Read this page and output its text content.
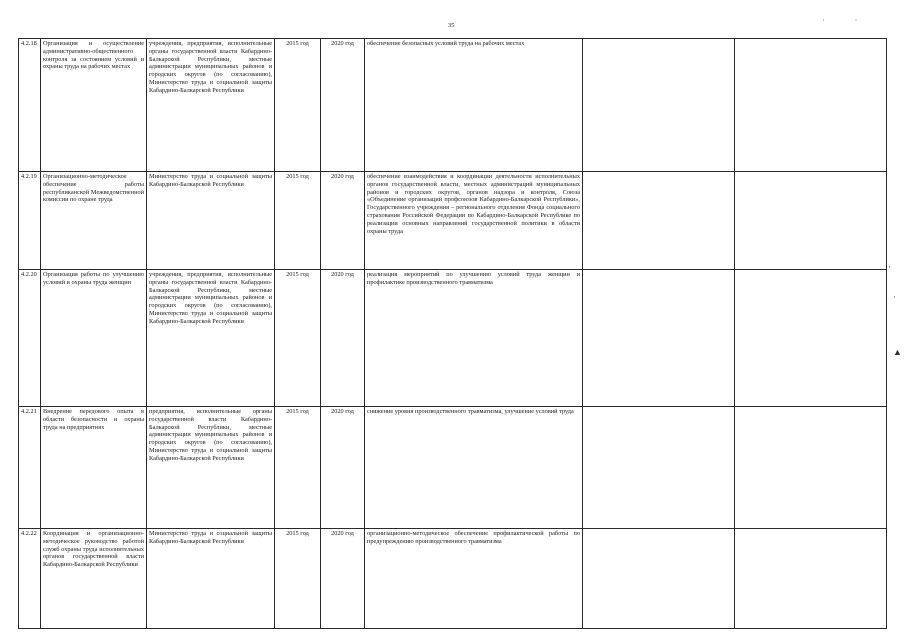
35
· ·
·
·
▲
4.2.18	Организация и осуществление административно-общественного контроля за состоянием условий и охраны труда на рабочих местах	учреждения, предприятия, исполнительные органы государственной власти Кабардино-Балкарской Республики, местные администрации муниципальных районов и городских округов (по согласованию), Министерство труда и социальной защиты Кабардино-Балкарской Республики	2015 год	2020 год	обеспечение безопасных условий труда на рабочих местах		
4.2.19	Организационно-методическое обеспечение работы республиканской Межведомственной комиссии по охране труда	Министерство труда и социальной защиты Кабардино-Балкарской Республики	2015 год	2020 год	обеспечение взаимодействия и координации деятельности исполнительных органов государственной власти, местных администраций муниципальных районов и городских округов, органов надзора и контроля, Союза «Объединение организаций профсоюзов Кабардино-Балкарской Республики», Государственного учреждения – регионального отделения Фонда социального страхования Российской Федерации по Кабардино-Балкарской Республике по реализации основных направлений государственной политики в области охраны труда		
4.2.20	Организация работы по улучшению условий и охраны труда женщин	учреждения, предприятия, исполнительные органы государственной власти Кабардино-Балкарской Республики, местные администрации муниципальных районов и городских округов (по согласованию), Министерство труда и социальной защиты Кабардино-Балкарской Республики	2015 год	2020 год	реализация мероприятий по улучшению условий труда женщин и профилактике производственного травматизма		
4.2.21	Внедрение передового опыта в области безопасности и охраны труда на предприятиях	предприятия, исполнительные органы государственной власти Кабардино-Балкарской Республики, местные администрации муниципальных районов и городских округов (по согласованию), Министерство труда и социальной защиты Кабардино-Балкарской Республики	2015 год	2020 год	снижение уровня производственного травматизма, улучшение условий труда		
4.2.22	Координация и организационно-методическое руководство работой служб охраны труда исполнительных органов государственной власти Кабардино-Балкарской Республики	Министерство труда и социальной защиты Кабардино-Балкарской Республики	2015 год	2020 год	организационно-методическое обеспечение профилактической работы по предупреждению производственного травматизма		
